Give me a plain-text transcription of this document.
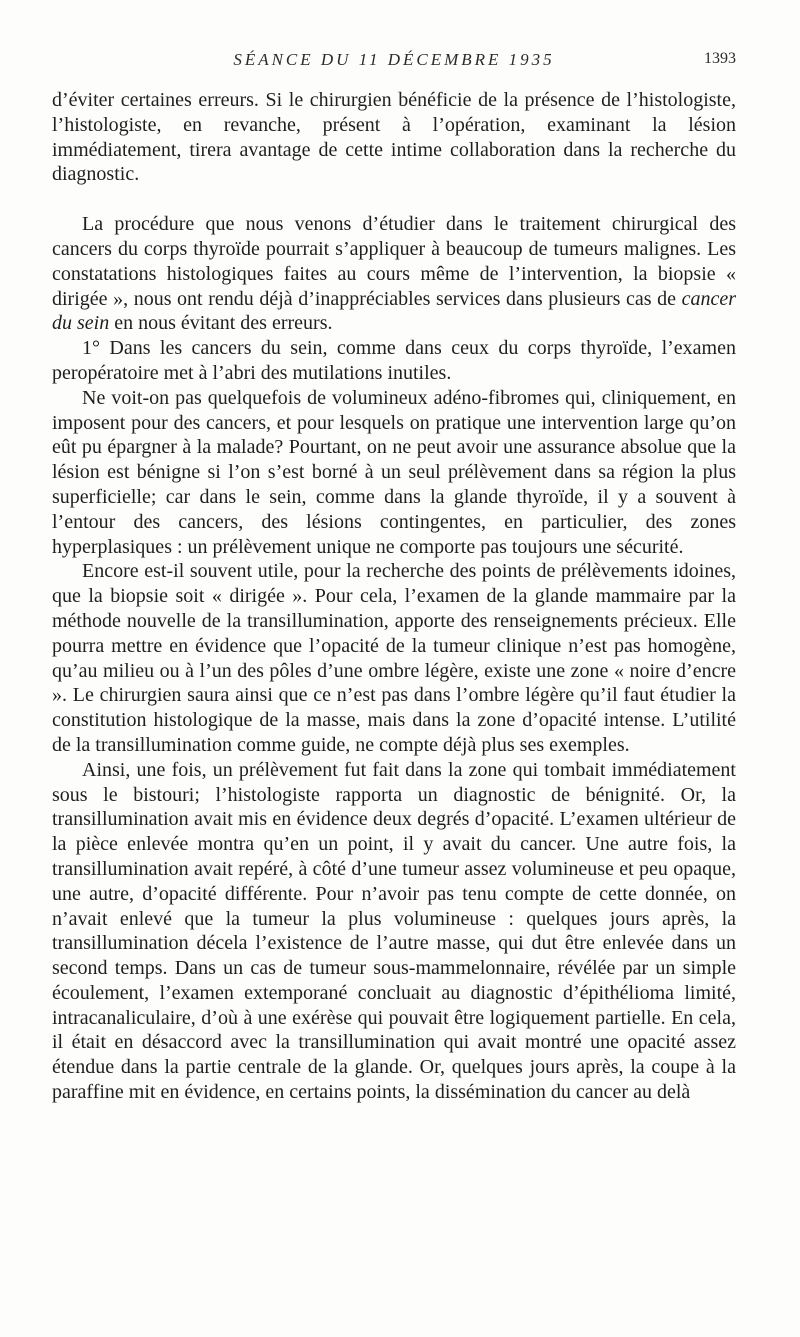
SÉANCE DU 11 DÉCEMBRE 1935	1393

d’éviter certaines erreurs. Si le chirurgien bénéficie de la présence de l’histologiste, l’histologiste, en revanche, présent à l’opération, examinant la lésion immédiatement, tirera avantage de cette intime collaboration dans la recherche du diagnostic.

La procédure que nous venons d’étudier dans le traitement chirurgical des cancers du corps thyroïde pourrait s’appliquer à beaucoup de tumeurs malignes. Les constatations histologiques faites au cours même de l’intervention, la biopsie « dirigée », nous ont rendu déjà d’inappréciables services dans plusieurs cas de cancer du sein en nous évitant des erreurs.

1° Dans les cancers du sein, comme dans ceux du corps thyroïde, l’examen peropératoire met à l’abri des mutilations inutiles.

Ne voit-on pas quelquefois de volumineux adéno-fibromes qui, cliniquement, en imposent pour des cancers, et pour lesquels on pratique une intervention large qu’on eût pu épargner à la malade? Pourtant, on ne peut avoir une assurance absolue que la lésion est bénigne si l’on s’est borné à un seul prélèvement dans sa région la plus superficielle; car dans le sein, comme dans la glande thyroïde, il y a souvent à l’entour des cancers, des lésions contingentes, en particulier, des zones hyperplasiques : un prélèvement unique ne comporte pas toujours une sécurité.

Encore est-il souvent utile, pour la recherche des points de prélèvements idoines, que la biopsie soit « dirigée ». Pour cela, l’examen de la glande mammaire par la méthode nouvelle de la transillumination, apporte des renseignements précieux. Elle pourra mettre en évidence que l’opacité de la tumeur clinique n’est pas homogène, qu’au milieu ou à l’un des pôles d’une ombre légère, existe une zone « noire d’encre ». Le chirurgien saura ainsi que ce n’est pas dans l’ombre légère qu’il faut étudier la constitution histologique de la masse, mais dans la zone d’opacité intense. L’utilité de la transillumination comme guide, ne compte déjà plus ses exemples.

Ainsi, une fois, un prélèvement fut fait dans la zone qui tombait immédiatement sous le bistouri; l’histologiste rapporta un diagnostic de bénignité. Or, la transillumination avait mis en évidence deux degrés d’opacité. L’examen ultérieur de la pièce enlevée montra qu’en un point, il y avait du cancer. Une autre fois, la transillumination avait repéré, à côté d’une tumeur assez volumineuse et peu opaque, une autre, d’opacité différente. Pour n’avoir pas tenu compte de cette donnée, on n’avait enlevé que la tumeur la plus volumineuse : quelques jours après, la transillumination décela l’existence de l’autre masse, qui dut être enlevée dans un second temps. Dans un cas de tumeur sous-mammelonnaire, révélée par un simple écoulement, l’examen extemporané concluait au diagnostic d’épithélioma limité, intracanaliculaire, d’où à une exérèse qui pouvait être logiquement partielle. En cela, il était en désaccord avec la transillumination qui avait montré une opacité assez étendue dans la partie centrale de la glande. Or, quelques jours après, la coupe à la paraffine mit en évidence, en certains points, la dissémination du cancer au delà
